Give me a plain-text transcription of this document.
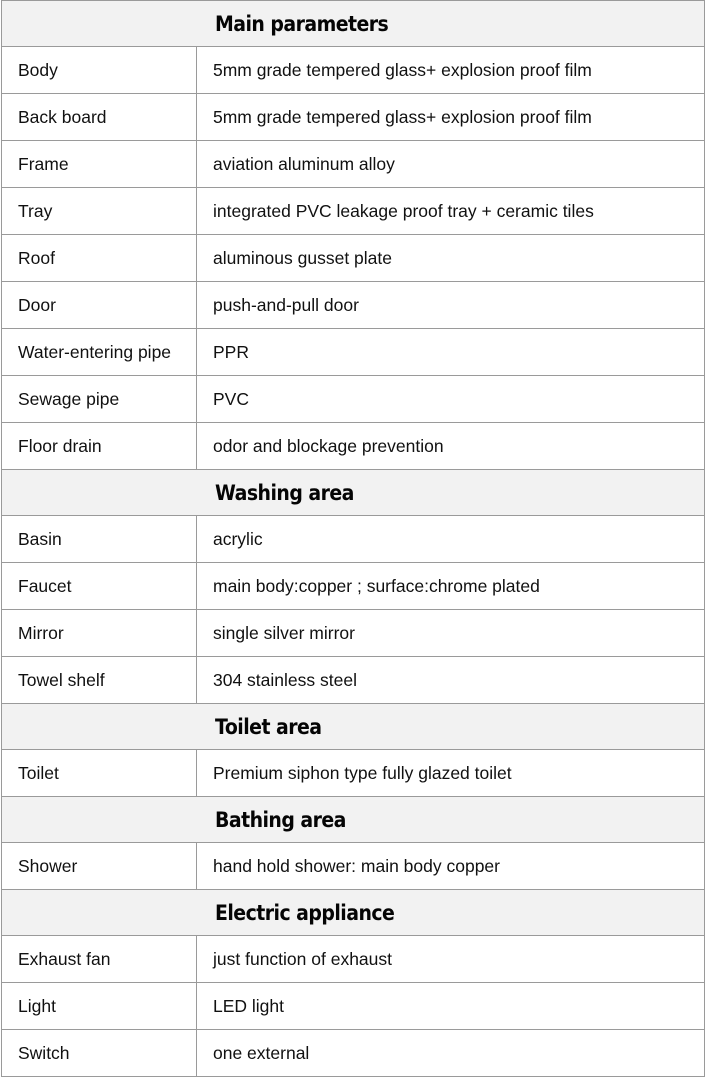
Main parameters	
Body	5mm grade tempered glass+ explosion proof film
Back board	5mm grade tempered glass+ explosion proof film
Frame	aviation aluminum alloy
Tray	integrated PVC leakage proof tray + ceramic tiles
Roof	aluminous gusset plate
Door	push-and-pull door
Water-entering pipe	PPR
Sewage pipe	PVC
Floor drain	odor and blockage prevention
Washing area	
Basin	acrylic
Faucet	main body:copper ; surface:chrome plated
Mirror	single silver mirror
Towel shelf	304 stainless steel
Toilet area	
Toilet	Premium siphon type fully glazed toilet
Bathing area	
Shower	hand hold shower: main body copper
Electric appliance	
Exhaust fan	just function of exhaust
Light	LED light
Switch	one external
